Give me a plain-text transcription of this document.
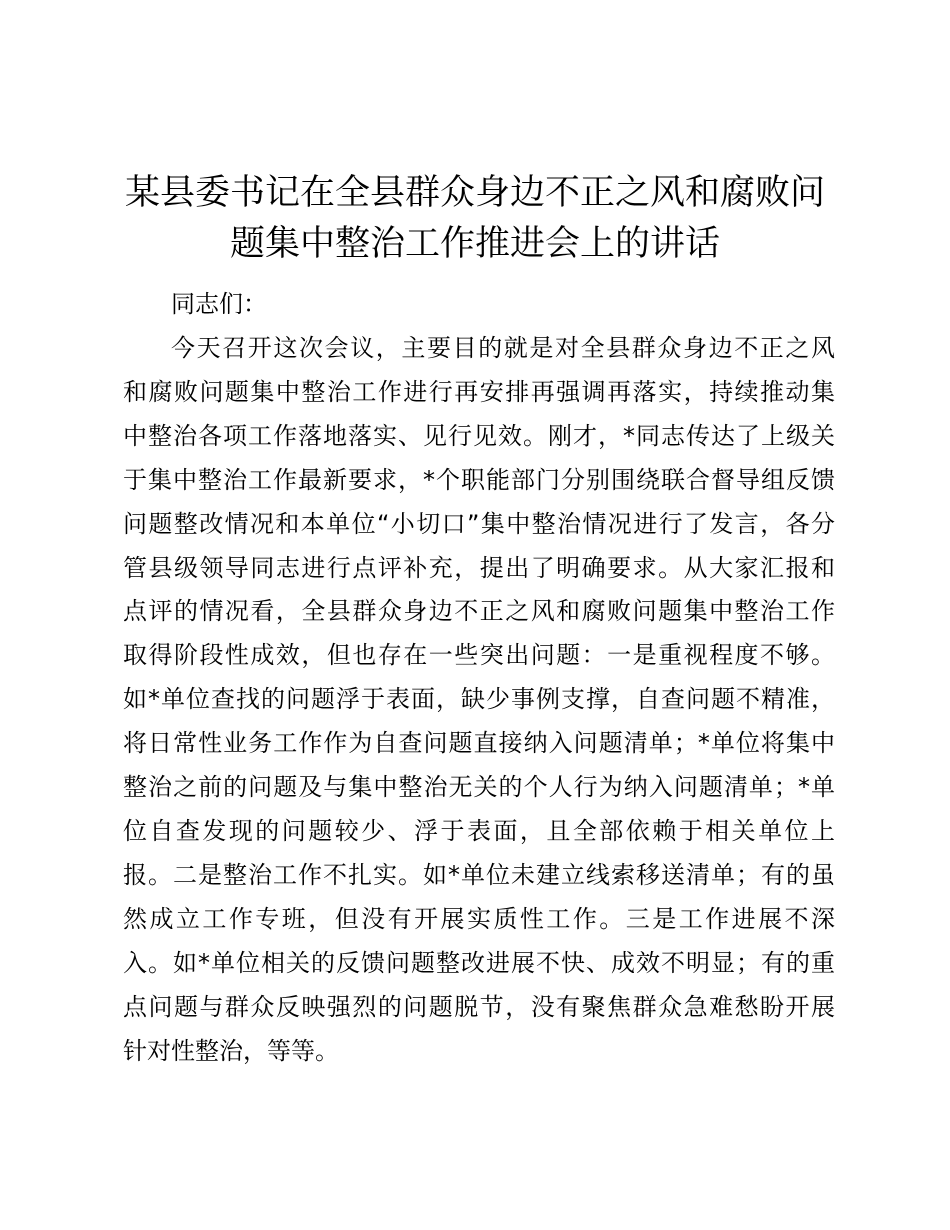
某县委书记在全县群众身边不正之风和腐败问
题集中整治工作推进会上的讲话
同志们：
今天召开这次会议，主要目的就是对全县群众身边不正之风
和腐败问题集中整治工作进行再安排再强调再落实，持续推动集
中整治各项工作落地落实、见行见效。刚才，*同志传达了上级关
于集中整治工作最新要求，*个职能部门分别围绕联合督导组反馈
问题整改情况和本单位“小切口”集中整治情况进行了发言，各分
管县级领导同志进行点评补充，提出了明确要求。从大家汇报和
点评的情况看，全县群众身边不正之风和腐败问题集中整治工作
取得阶段性成效，但也存在一些突出问题：一是重视程度不够。
如*单位查找的问题浮于表面，缺少事例支撑，自查问题不精准，
将日常性业务工作作为自查问题直接纳入问题清单；*单位将集中
整治之前的问题及与集中整治无关的个人行为纳入问题清单；*单
位自查发现的问题较少、浮于表面，且全部依赖于相关单位上
报。二是整治工作不扎实。如*单位未建立线索移送清单；有的虽
然成立工作专班，但没有开展实质性工作。三是工作进展不深
入。如*单位相关的反馈问题整改进展不快、成效不明显；有的重
点问题与群众反映强烈的问题脱节，没有聚焦群众急难愁盼开展
针对性整治，等等。
